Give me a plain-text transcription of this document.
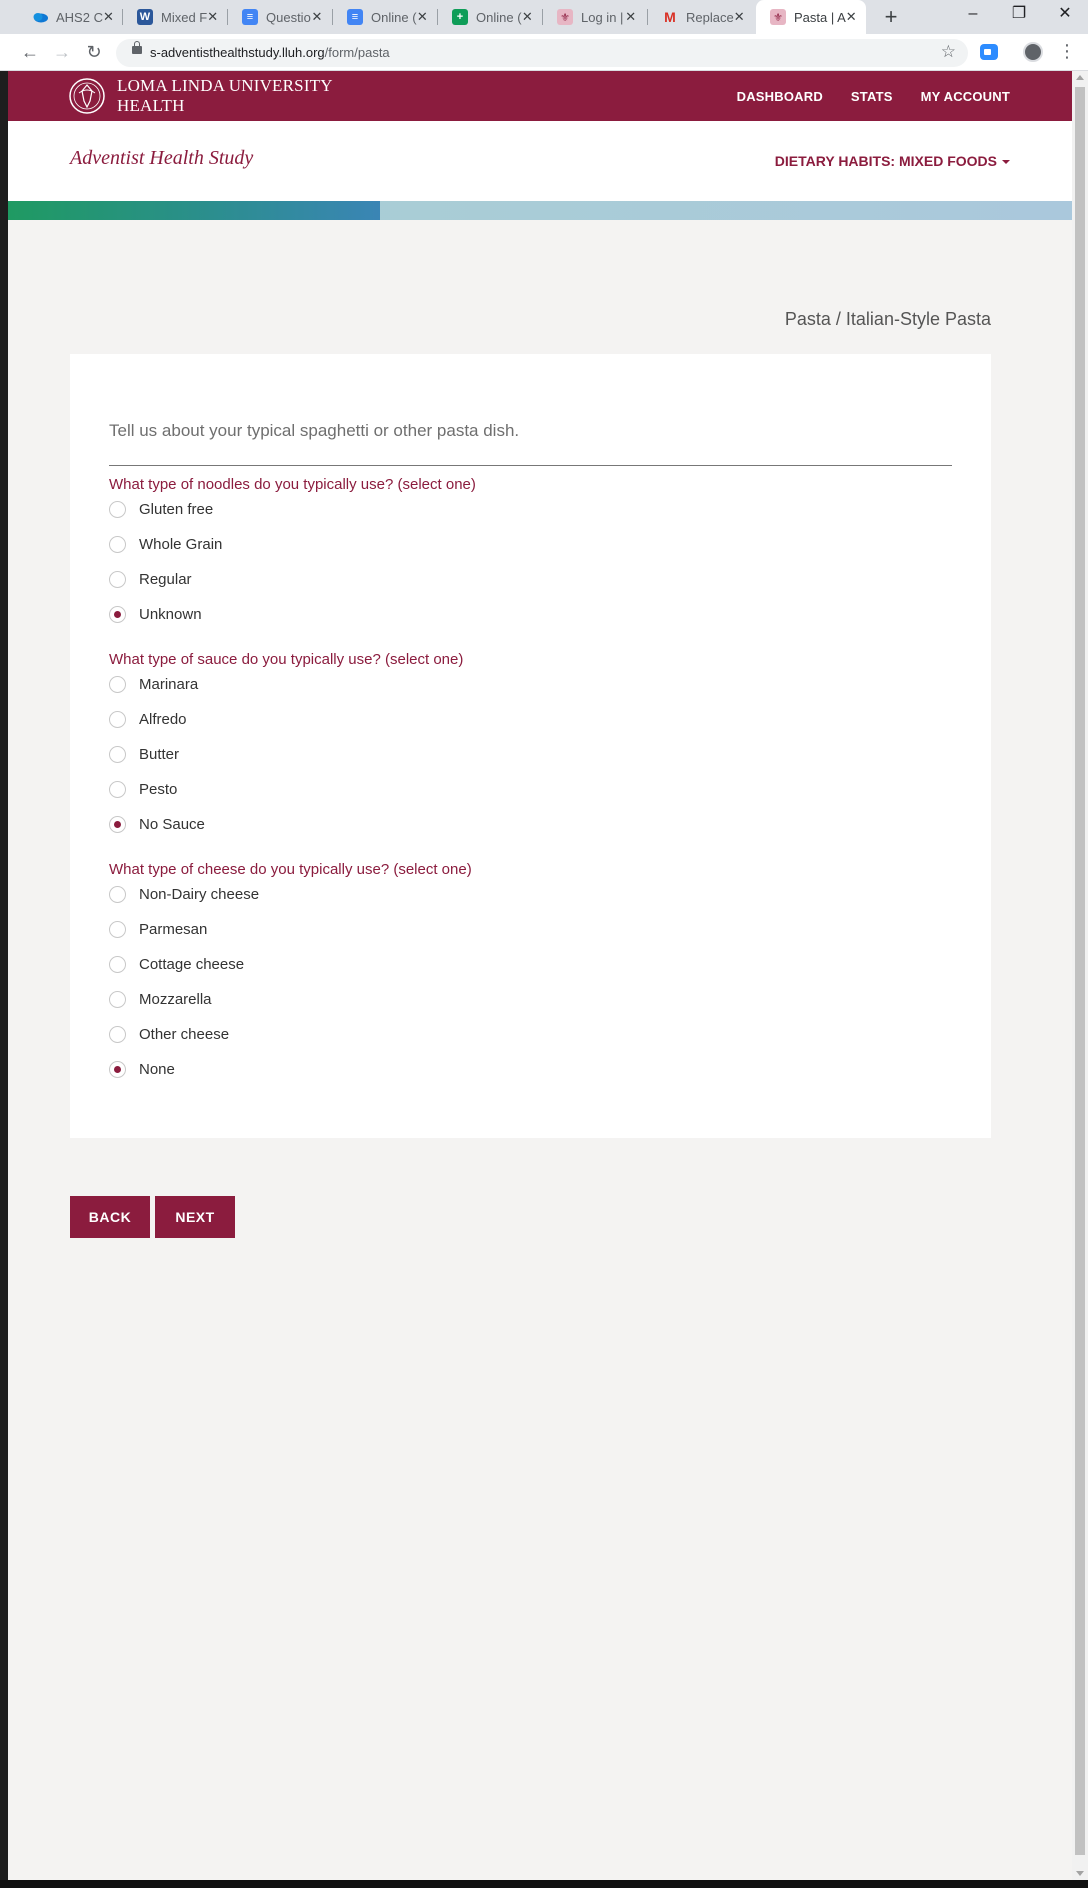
AHS2 C ✕ W Mixed F ✕	≡ Questio ✕	≡ Online ( ✕	+ Online ( ✕ ⚜ Log in | ✕ M Replace ✕	⚜ Pasta | A ✕ +	–	❐	✕
← → ↻	s-adventisthealthstudy.lluh.org/form/pasta	☆	⋮
LOMA LINDA UNIVERSITY
HEALTH	DASHBOARD STATS MY ACCOUNT
Adventist Health Study	DIETARY HABITS: MIXED FOODS
Pasta / Italian-Style Pasta
Tell us about your typical spaghetti or other pasta dish.
What type of noodles do you typically use? (select one)
Gluten free
Whole Grain
Regular
Unknown
What type of sauce do you typically use? (select one)
Marinara
Alfredo
Butter
Pesto
No Sauce
What type of cheese do you typically use? (select one)
Non-Dairy cheese
Parmesan
Cottage cheese
Mozzarella
Other cheese
None
BACK	NEXT
